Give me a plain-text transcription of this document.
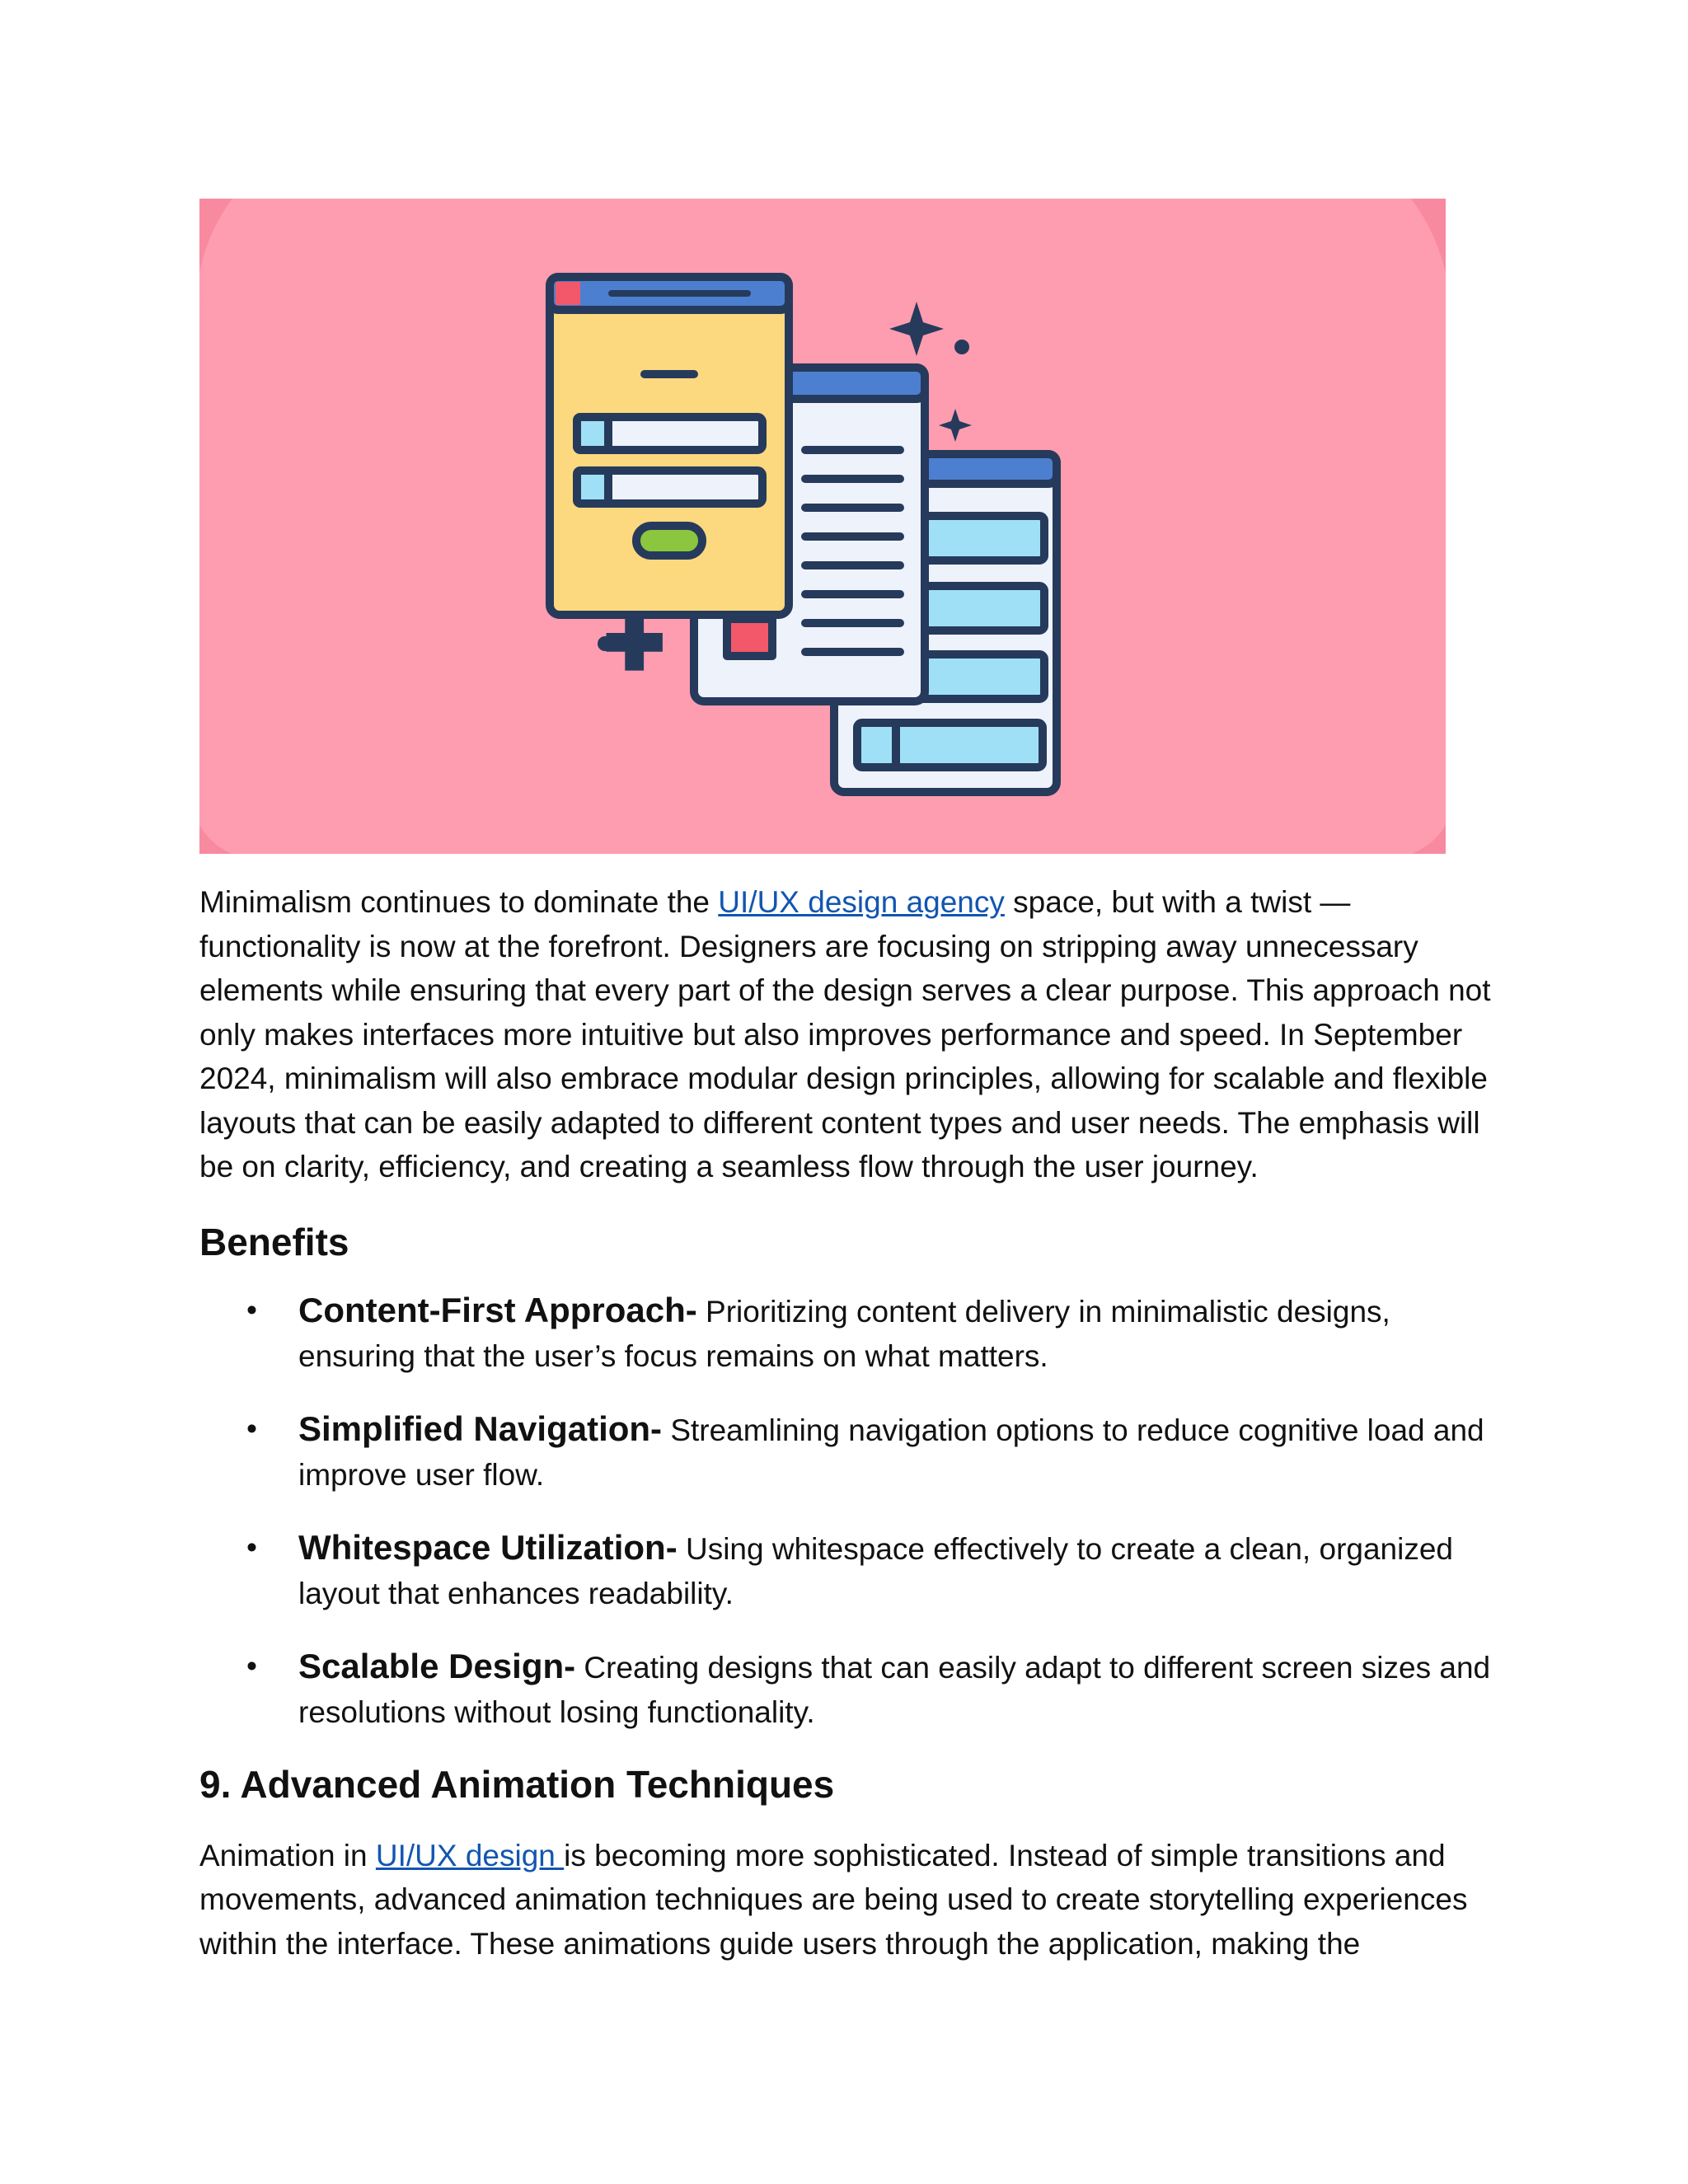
Minimalism continues to dominate the UI/UX design agency space, but with a twist — functionality is now at the forefront. Designers are focusing on stripping away unnecessary elements while ensuring that every part of the design serves a clear purpose. This approach not only makes interfaces more intuitive but also improves performance and speed. In September 2024, minimalism will also embrace modular design principles, allowing for scalable and flexible layouts that can be easily adapted to different content types and user needs. The emphasis will be on clarity, efficiency, and creating a seamless flow through the user journey.

Benefits
• Content-First Approach- Prioritizing content delivery in minimalistic designs, ensuring that the user’s focus remains on what matters.
• Simplified Navigation- Streamlining navigation options to reduce cognitive load and improve user flow.
• Whitespace Utilization- Using whitespace effectively to create a clean, organized layout that enhances readability.
• Scalable Design- Creating designs that can easily adapt to different screen sizes and resolutions without losing functionality.
9. Advanced Animation Techniques

Animation in UI/UX design is becoming more sophisticated. Instead of simple transitions and movements, advanced animation techniques are being used to create storytelling experiences within the interface. These animations guide users through the application, making the
